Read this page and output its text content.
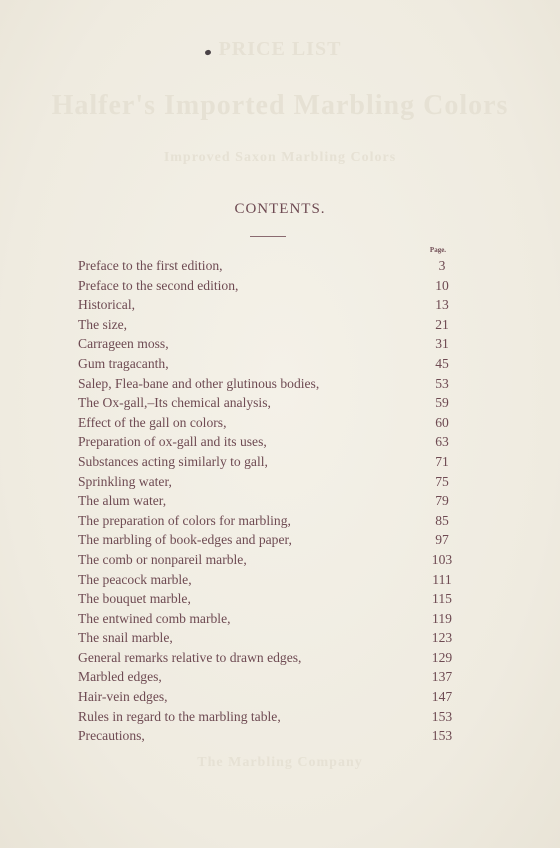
PRICE LIST
Halfer's Imported Marbling Colors
Improved Saxon Marbling Colors
The Marbling Company
CONTENTS.
Page.
Preface to the first edition,	3
Preface to the second edition,	10
Historical,	13
The size,	21
Carrageen moss,	31
Gum tragacanth,	45
Salep, Flea-bane and other glutinous bodies,	53
The Ox-gall,–Its chemical analysis,	59
Effect of the gall on colors,	60
Preparation of ox-gall and its uses,	63
Substances acting similarly to gall,	71
Sprinkling water,	75
The alum water,	79
The preparation of colors for marbling,	85
The marbling of book-edges and paper,	97
The comb or nonpareil marble,	103
The peacock marble,	111
The bouquet marble,	115
The entwined comb marble,	119
The snail marble,	123
General remarks relative to drawn edges,	129
Marbled edges,	137
Hair-vein edges,	147
Rules in regard to the marbling table,	153
Precautions,	153
